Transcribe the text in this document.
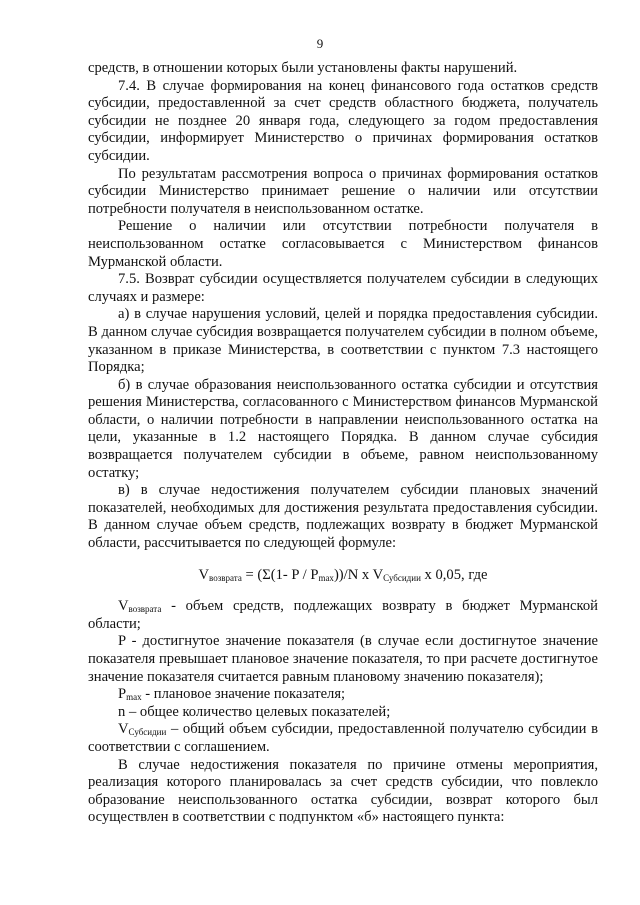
9

средств, в отношении которых были установлены факты нарушений.

7.4. В случае формирования на конец финансового года остатков средств субсидии, предоставленной за счет средств областного бюджета, получатель субсидии не позднее 20 января года, следующего за годом предоставления субсидии, информирует Министерство о причинах формирования остатков субсидии.

По результатам рассмотрения вопроса о причинах формирования остатков субсидии Министерство принимает решение о наличии или отсутствии потребности получателя в неиспользованном остатке.

Решение о наличии или отсутствии потребности получателя в неиспользованном остатке согласовывается с Министерством финансов Мурманской области.

7.5. Возврат субсидии осуществляется получателем субсидии в следующих случаях и размере:

а) в случае нарушения условий, целей и порядка предоставления субсидии. В данном случае субсидия возвращается получателем субсидии в полном объеме, указанном в приказе Министерства, в соответствии с пунктом 7.3 настоящего Порядка;

б) в случае образования неиспользованного остатка субсидии и отсутствия решения Министерства, согласованного с Министерством финансов Мурманской области, о наличии потребности в направлении неиспользованного остатка на цели, указанные в 1.2 настоящего Порядка. В данном случае субсидия возвращается получателем субсидии в объеме, равном неиспользованному остатку;

в) в случае недостижения получателем субсидии плановых значений показателей, необходимых для достижения результата предоставления субсидии. В данном случае объем средств, подлежащих возврату в бюджет Мурманской области, рассчитывается по следующей формуле:

$V_{возврата} = (\Sigma(1-$ P / $P_{max}))/N$ x $V_{Субсидии}$ x 0,05, где

$V_{возврата}$ - объем средств, подлежащих возврату в бюджет Мурманской области;

P - достигнутое значение показателя (в случае если достигнутое значение показателя превышает плановое значение показателя, то при расчете достигнутое значение показателя считается равным плановому значению показателя);

$P_{max}$ - плановое значение показателя;

n – общее количество целевых показателей;

$V_{Субсидии}$ – общий объем субсидии, предоставленной получателю субсидии в соответствии с соглашением.

В случае недостижения показателя по причине отмены мероприятия, реализация которого планировалась за счет средств субсидии, что повлекло образование неиспользованного остатка субсидии, возврат которого был осуществлен в соответствии с подпунктом «б» настоящего пункта:
